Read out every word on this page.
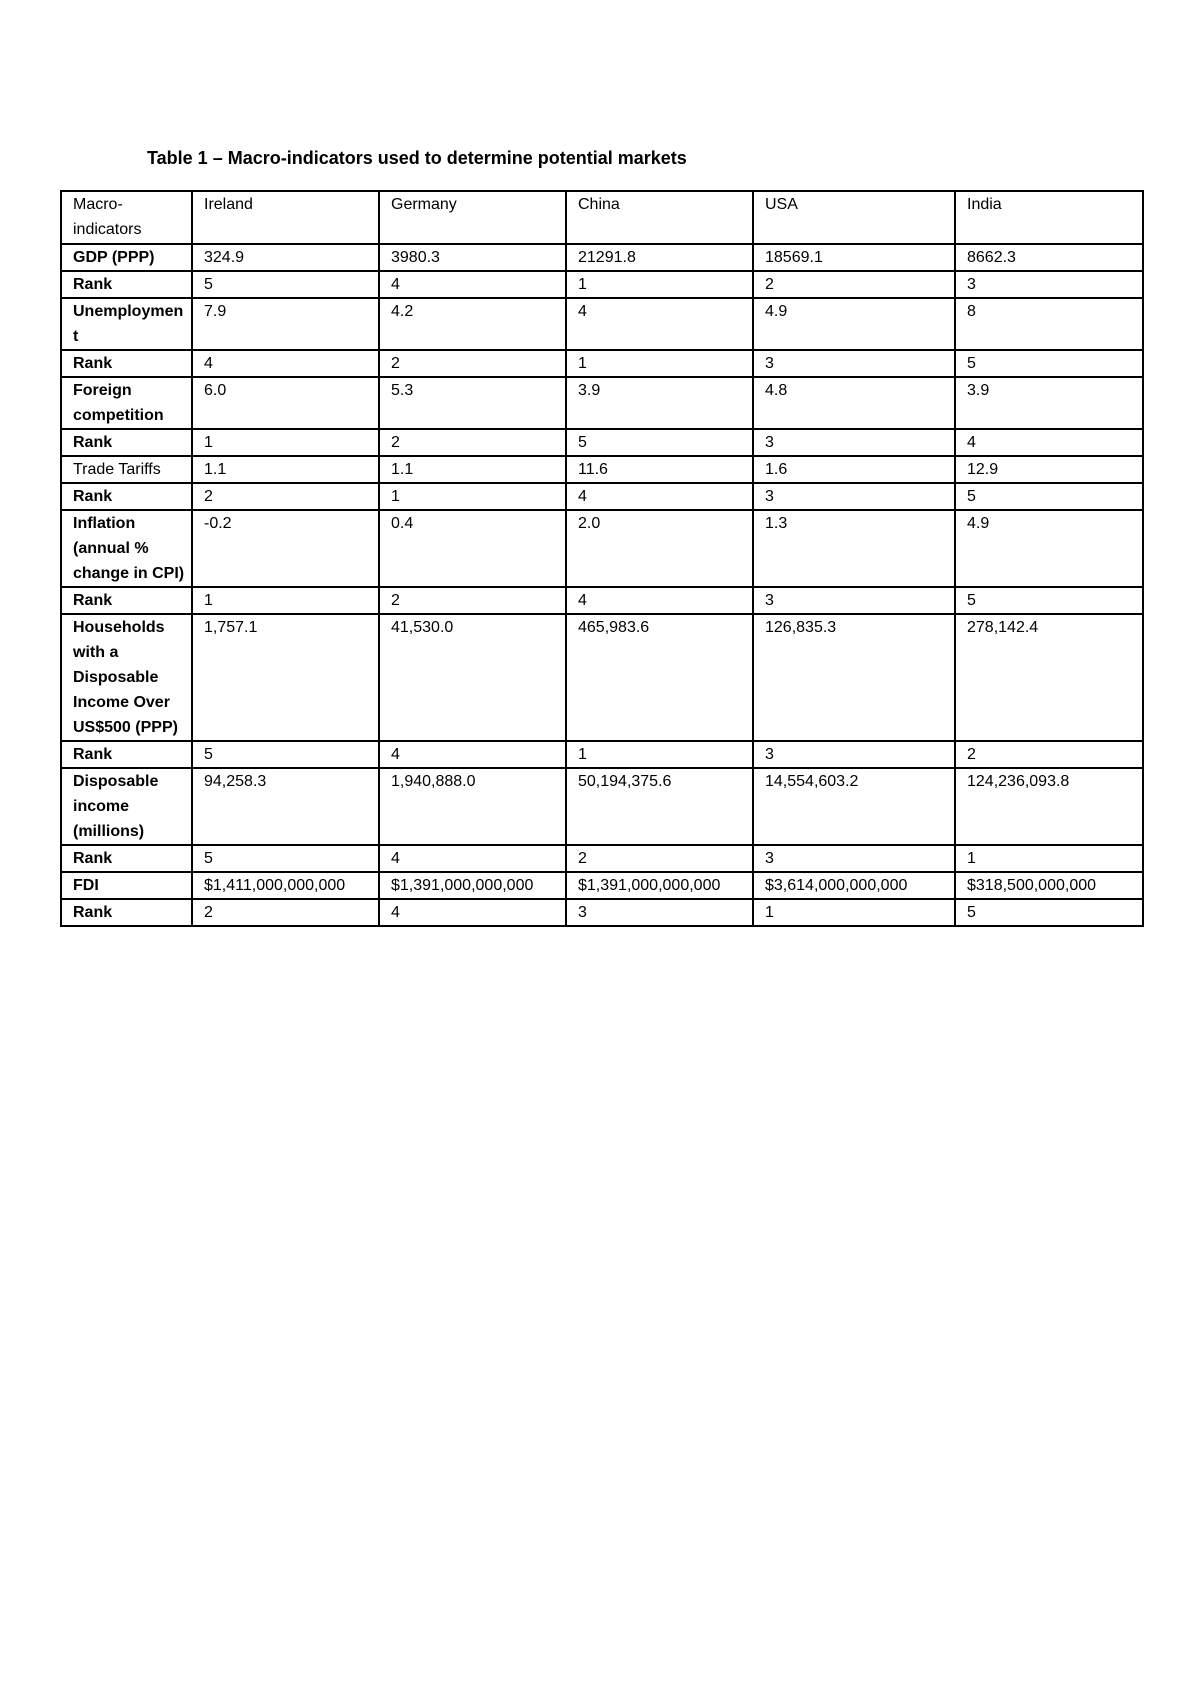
Table 1 – Macro-indicators used to determine potential markets
Macro-indicators	Ireland	Germany	China	USA	India
GDP (PPP)	324.9	3980.3	21291.8	18569.1	8662.3
Rank	5	4	1	2	3
Unemployment	7.9	4.2	4	4.9	8
Rank	4	2	1	3	5
Foreign competition	6.0	5.3	3.9	4.8	3.9
Rank	1	2	5	3	4
Trade Tariffs	1.1	1.1	11.6	1.6	12.9
Rank	2	1	4	3	5
Inflation (annual % change in CPI)	-0.2	0.4	2.0	1.3	4.9
Rank	1	2	4	3	5
Households with a Disposable Income Over US$500 (PPP)	1,757.1	41,530.0	465,983.6	126,835.3	278,142.4
Rank	5	4	1	3	2
Disposable income (millions)	94,258.3	1,940,888.0	50,194,375.6	14,554,603.2	124,236,093.8
Rank	5	4	2	3	1
FDI	$1,411,000,000,000	$1,391,000,000,000	$1,391,000,000,000	$3,614,000,000,000	$318,500,000,000
Rank	2	4	3	1	5
